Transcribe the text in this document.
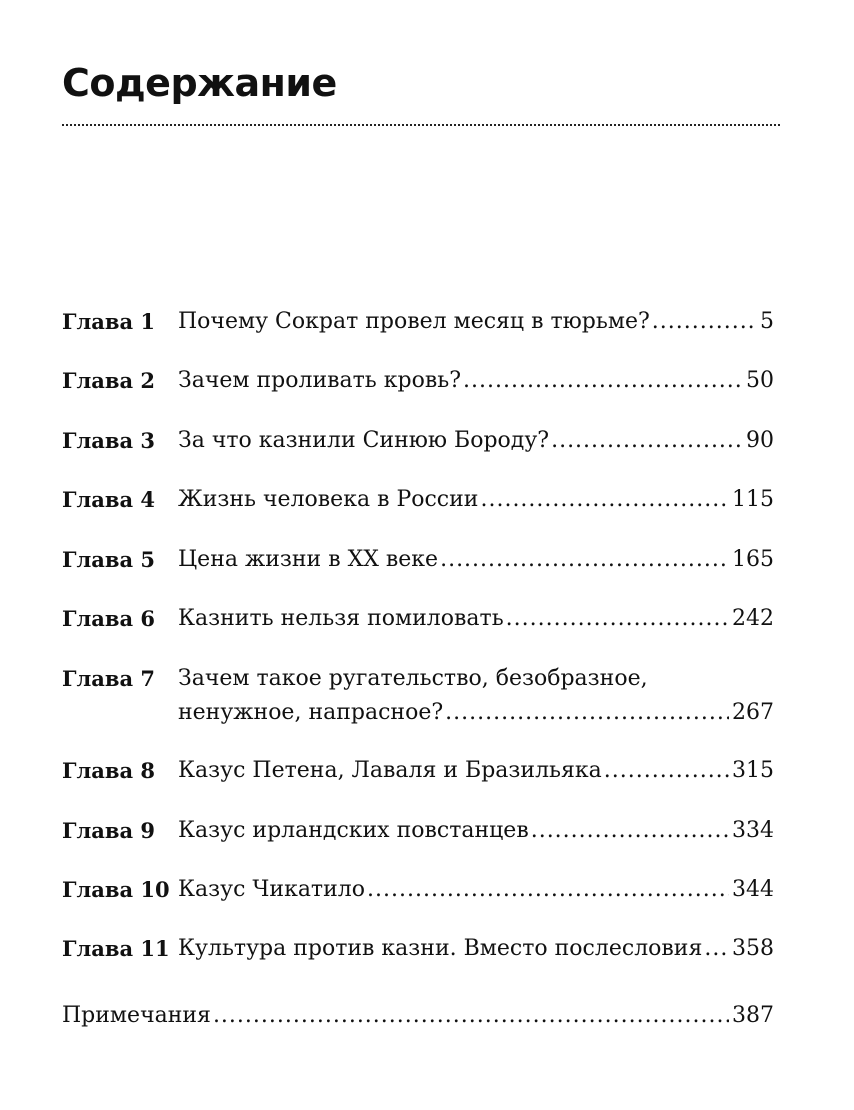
Содержание
Глава 1	Почему Сократ провел месяц в тюрьме? .....	5
Глава 2	Зачем проливать кровь? .....	50
Глава 3	За что казнили Синюю Бороду? .....	90
Глава 4	Жизнь человека в России .....	115
Глава 5	Цена жизни в ХХ веке .....	165
Глава 6	Казнить нельзя помиловать .....	242
Глава 7	Зачем такое ругательство, безобразное,
ненужное, напрасное? .....	267
Глава 8	Казус Петена, Лаваля и Бразильяка .....	315
Глава 9	Казус ирландских повстанцев .....	334
Глава 10 Казус Чикатило .....	344
Глава 11 Культура против казни. Вместо послесловия ..... 358
Примечания .....	387
